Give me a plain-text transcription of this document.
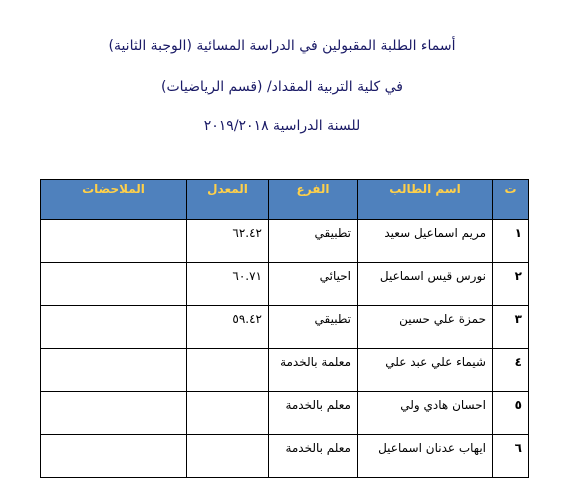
أسماء الطلبة المقبولين في الدراسة المسائية (الوجبة الثانية)
في كلية التربية المقداد/ (قسم الرياضيات)
للسنة الدراسية ٢٠١٩/٢٠١٨
ت	اسم الطالب	الفرع	المعدل	الملاحضات
١	مريم اسماعيل سعيد	تطبيقي	٦٢.٤٢	
٢	نورس قيس اسماعيل	احيائي	٦٠.٧١	
٣	حمزة علي حسين	تطبيقي	٥٩.٤٢	
٤	شيماء علي عبد علي	معلمة بالخدمة		
٥	احسان هادي ولي	معلم بالخدمة		
٦	ايهاب عدنان اسماعيل	معلم بالخدمة		
